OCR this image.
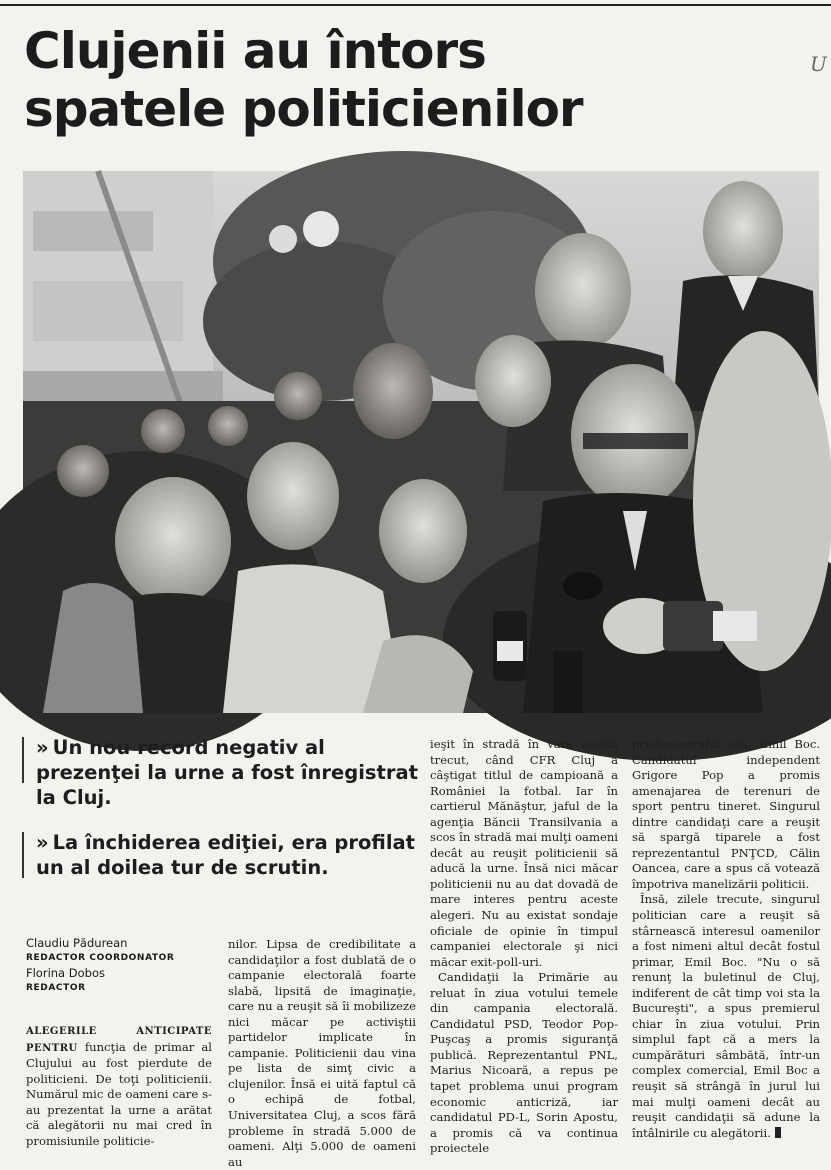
Clujenii au întors
spatele politicienilor
U
» Un nou record negativ al prezenţei la urne a fost înregistrat la Cluj.
» La închiderea ediţiei, era profilat un al doilea tur de scrutin.
Claudiu Pădurean
REDACTOR COORDONATOR
Florina Dobos
REDACTOR

ALEGERILE ANTICIPATE PENTRU funcţia de primar al Clujului au fost pierdute de politicieni. De toţi politicienii. Numărul mic de oameni care s-au prezentat la urne a arătat că alegătorii nu mai cred în promisiunile politicie-

nilor. Lipsa de credibilitate a candidaţilor a fost dublată de o campanie electorală foarte slabă, lipsită de imaginaţie, care nu a reuşit să îi mobilizeze nici măcar pe activiştii partidelor implicate în campanie. Politicienii dau vina pe lista de simţ civic a clujenilor. Însă ei uită faptul că o echipă de fotbal, Universitatea Cluj, a scos fără probleme în stradă 5.000 de oameni. Alţi 5.000 de oameni au

ieşit în stradă în vara anului trecut, când CFR Cluj a câştigat titlul de campioană a României la fotbal. Iar în cartierul Mănăştur, jaful de la agenţia Băncii Transilvania a scos în stradă mai mulţi oameni decât au reuşit politicienii să aducă la urne. Însă nici măcar politicienii nu au dat dovadă de mare interes pentru aceste alegeri. Nu au existat sondaje oficiale de opinie în timpul campaniei electorale şi nici măcar exit-poll-uri.

Candidaţii la Primărie au reluat în ziua votului temele din campania electorală. Candidatul PSD, Teodor Pop-Puşcaş a promis siguranţă publică. Reprezentantul PNL, Marius Nicoară, a repus pe tapet problema unui program economic anticriză, iar candidatul PD-L, Sorin Apostu, a promis că va continua proiectele

predecesorului său, Emil Boc. Candidatul independent Grigore Pop a promis amenajarea de terenuri de sport pentru tineret. Singurul dintre candidaţi care a reuşit să spargă tiparele a fost reprezentantul PNŢCD, Călin Oancea, care a spus că votează împotriva manelizării politicii.

Însă, zilele trecute, singurul politician care a reuşit să stârnească interesul oamenilor a fost nimeni altul decât fostul primar, Emil Boc. "Nu o să renunţ la buletinul de Cluj, indiferent de cât timp voi sta la Bucureşti", a spus premierul chiar în ziua votului. Prin simplul fapt că a mers la cumpărături sâmbătă, într-un complex comercial, Emil Boc a reuşit să strângă în jurul lui mai mulţi oameni decât au reuşit candidaţii să adune la întâlnirile cu alegătorii.
